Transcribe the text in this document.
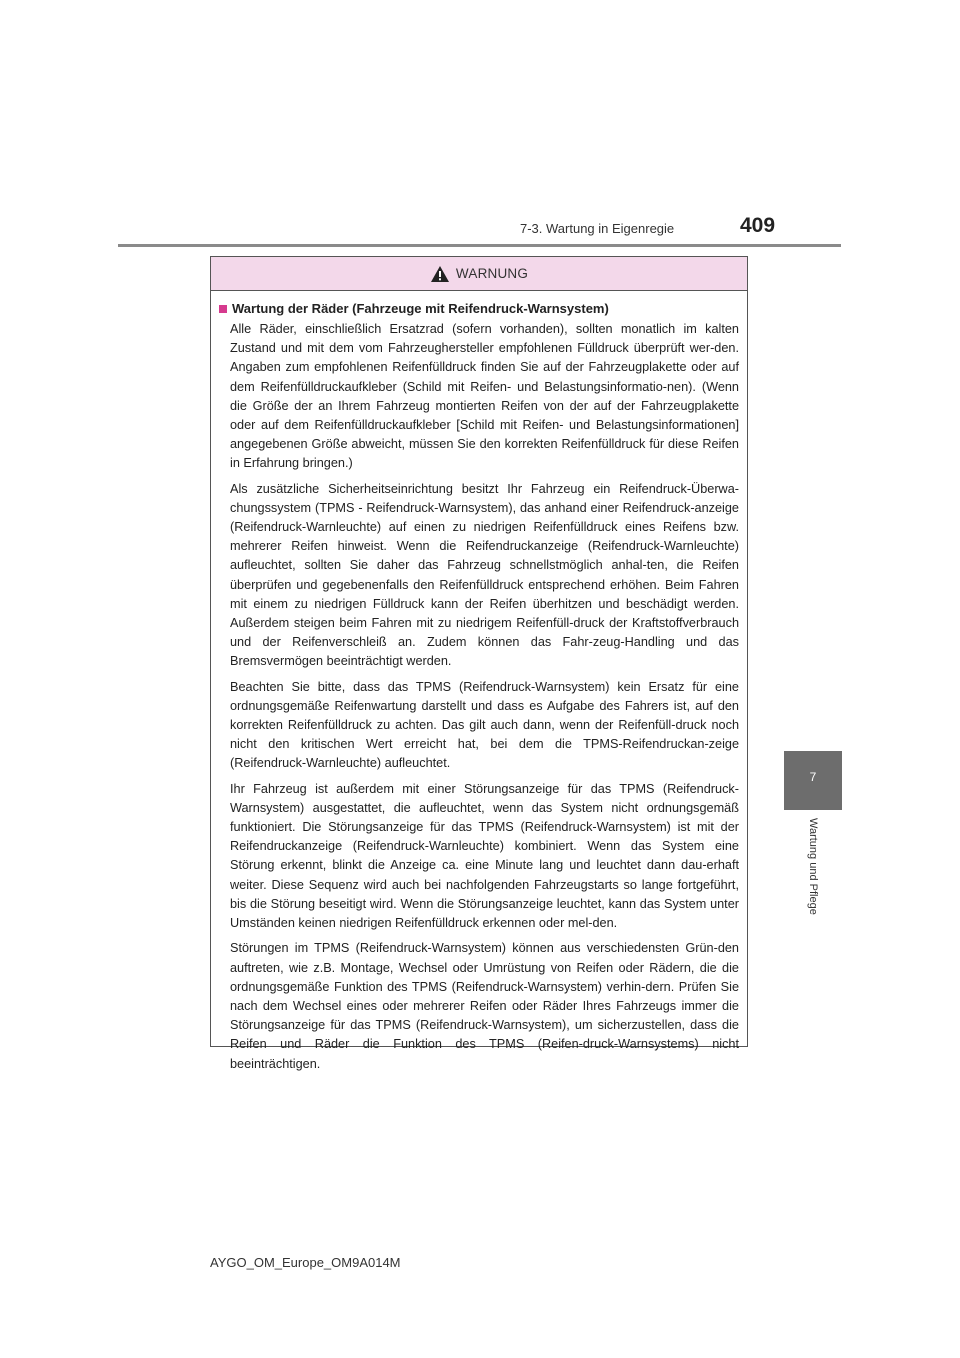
7-3. Wartung in Eigenregie	409
7
Wartung und Pflege
WARNUNG
Wartung der Räder (Fahrzeuge mit Reifendruck-Warnsystem)

Alle Räder, einschließlich Ersatzrad (sofern vorhanden), sollten monatlich im kalten Zustand und mit dem vom Fahrzeughersteller empfohlenen Fülldruck überprüft wer-den. Angaben zum empfohlenen Reifenfülldruck finden Sie auf der Fahrzeugplakette oder auf dem Reifenfülldruckaufkleber (Schild mit Reifen- und Belastungsinformatio-nen). (Wenn die Größe der an Ihrem Fahrzeug montierten Reifen von der auf der Fahrzeugplakette oder auf dem Reifenfülldruckaufkleber [Schild mit Reifen- und Belastungsinformationen] angegebenen Größe abweicht, müssen Sie den korrekten Reifenfülldruck für diese Reifen in Erfahrung bringen.)

Als zusätzliche Sicherheitseinrichtung besitzt Ihr Fahrzeug ein Reifendruck-Überwa-chungssystem (TPMS - Reifendruck-Warnsystem), das anhand einer Reifendruck-anzeige (Reifendruck-Warnleuchte) auf einen zu niedrigen Reifenfülldruck eines Reifens bzw. mehrerer Reifen hinweist. Wenn die Reifendruckanzeige (Reifendruck-Warnleuchte) aufleuchtet, sollten Sie daher das Fahrzeug schnellstmöglich anhal-ten, die Reifen überprüfen und gegebenenfalls den Reifenfülldruck entsprechend erhöhen. Beim Fahren mit einem zu niedrigen Fülldruck kann der Reifen überhitzen und beschädigt werden. Außerdem steigen beim Fahren mit zu niedrigem Reifenfüll-druck der Kraftstoffverbrauch und der Reifenverschleiß an. Zudem können das Fahr-zeug-Handling und das Bremsvermögen beeinträchtigt werden.

Beachten Sie bitte, dass das TPMS (Reifendruck-Warnsystem) kein Ersatz für eine ordnungsgemäße Reifenwartung darstellt und dass es Aufgabe des Fahrers ist, auf den korrekten Reifenfülldruck zu achten. Das gilt auch dann, wenn der Reifenfüll-druck noch nicht den kritischen Wert erreicht hat, bei dem die TPMS-Reifendruckan-zeige (Reifendruck-Warnleuchte) aufleuchtet.

Ihr Fahrzeug ist außerdem mit einer Störungsanzeige für das TPMS (Reifendruck-Warnsystem) ausgestattet, die aufleuchtet, wenn das System nicht ordnungsgemäß funktioniert. Die Störungsanzeige für das TPMS (Reifendruck-Warnsystem) ist mit der Reifendruckanzeige (Reifendruck-Warnleuchte) kombiniert. Wenn das System eine Störung erkennt, blinkt die Anzeige ca. eine Minute lang und leuchtet dann dau-erhaft weiter. Diese Sequenz wird auch bei nachfolgenden Fahrzeugstarts so lange fortgeführt, bis die Störung beseitigt wird. Wenn die Störungsanzeige leuchtet, kann das System unter Umständen keinen niedrigen Reifenfülldruck erkennen oder mel-den.

Störungen im TPMS (Reifendruck-Warnsystem) können aus verschiedensten Grün-den auftreten, wie z.B. Montage, Wechsel oder Umrüstung von Reifen oder Rädern, die die ordnungsgemäße Funktion des TPMS (Reifendruck-Warnsystem) verhin-dern. Prüfen Sie nach dem Wechsel eines oder mehrerer Reifen oder Räder Ihres Fahrzeugs immer die Störungsanzeige für das TPMS (Reifendruck-Warnsystem), um sicherzustellen, dass die Reifen und Räder die Funktion des TPMS (Reifen-druck-Warnsystems) nicht beeinträchtigen.

AYGO_OM_Europe_OM9A014M
